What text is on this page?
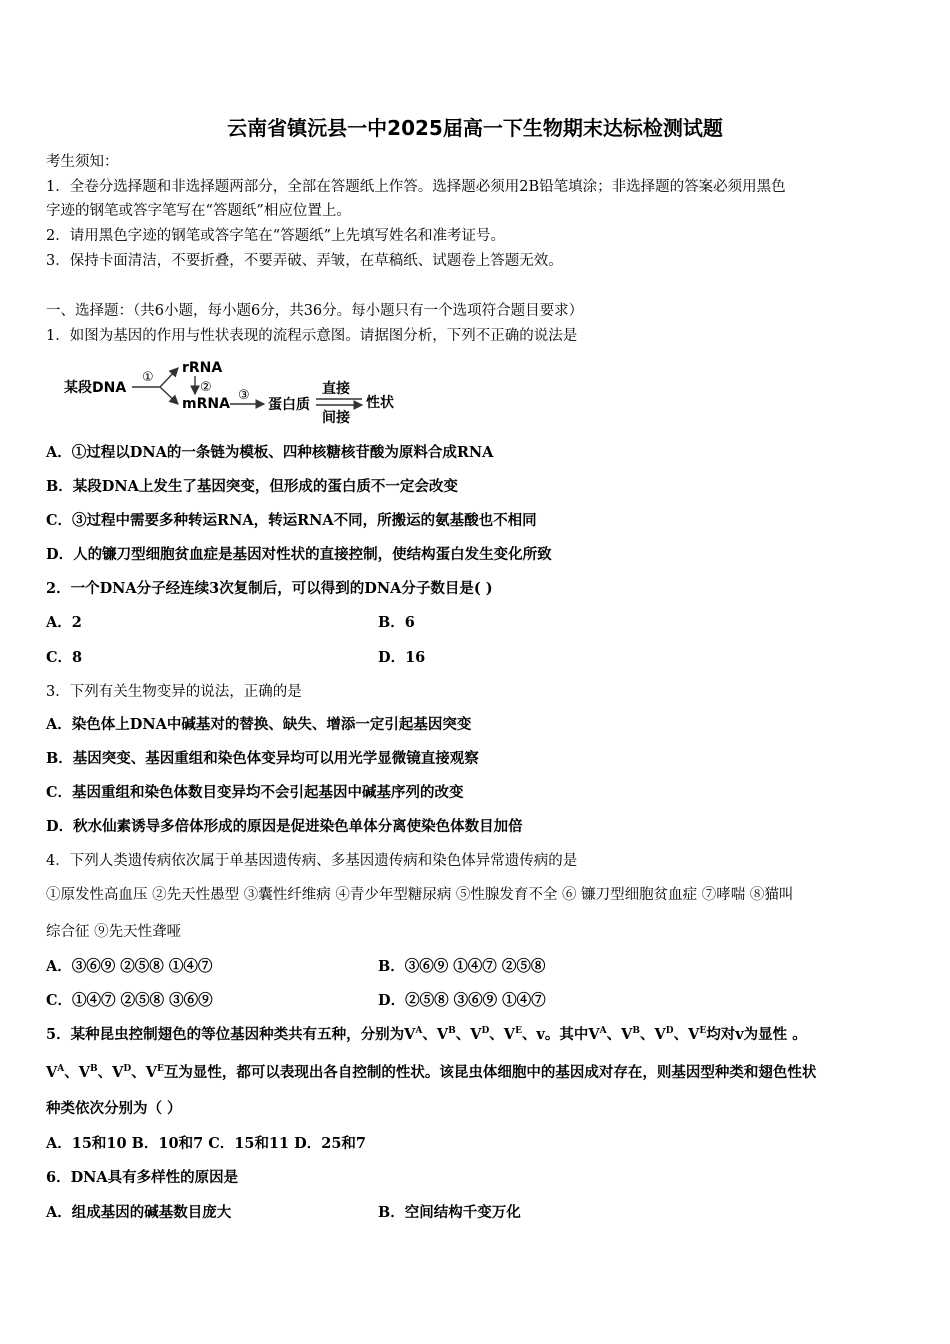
云南省镇沅县一中2025届高一下生物期末达标检测试题
考生须知：
1．全卷分选择题和非选择题两部分，全部在答题纸上作答。选择题必须用2B铅笔填涂；非选择题的答案必须用黑色
字迹的钢笔或答字笔写在“答题纸”相应位置上。
2．请用黑色字迹的钢笔或答字笔在“答题纸”上先填写姓名和准考证号。
3．保持卡面清洁，不要折叠，不要弄破、弄皱，在草稿纸、试题卷上答题无效。
一、选择题：（共6小题，每小题6分，共36分。每小题只有一个选项符合题目要求）
1．如图为基因的作用与性状表现的流程示意图。请据图分析，下列不正确的说法是
某段DNA
①
rRNA
②
mRNA
③
蛋白质
直接
间接
性状
A．①过程以DNA的一条链为模板、四种核糖核苷酸为原料合成RNA
B．某段DNA上发生了基因突变，但形成的蛋白质不一定会改变
C．③过程中需要多种转运RNA，转运RNA不同，所搬运的氨基酸也不相同
D．人的镰刀型细胞贫血症是基因对性状的直接控制，使结构蛋白发生变化所致
2．一个DNA分子经连续3次复制后，可以得到的DNA分子数目是( )
A．2	B．6
C．8	D．16
3．下列有关生物变异的说法，正确的是
A．染色体上DNA中碱基对的替换、缺失、增添一定引起基因突变
B．基因突变、基因重组和染色体变异均可以用光学显微镜直接观察
C．基因重组和染色体数目变异均不会引起基因中碱基序列的改变
D．秋水仙素诱导多倍体形成的原因是促进染色单体分离使染色体数目加倍
4．下列人类遗传病依次属于单基因遗传病、多基因遗传病和染色体异常遗传病的是
①原发性高血压 ②先天性愚型 ③囊性纤维病 ④青少年型糖尿病 ⑤性腺发育不全 ⑥ 镰刀型细胞贫血症 ⑦哮喘 ⑧猫叫
综合征 ⑨先天性聋哑
A．③⑥⑨ ②⑤⑧ ①④⑦	B．③⑥⑨ ①④⑦ ②⑤⑧
C．①④⑦ ②⑤⑧ ③⑥⑨	D．②⑤⑧ ③⑥⑨ ①④⑦
5．某种昆虫控制翅色的等位基因种类共有五种，分别为$V^A$、$V^B$、$V^D$、$V^E$、v。其中$V^A$、$V^B$、$V^D$、$V^E$均对v为显性 。
$V^A$、$V^B$、$V^D$、$V^E$互为显性，都可以表现出各自控制的性状。该昆虫体细胞中的基因成对存在，则基因型种类和翅色性状
种类依次分别为（ ）
A．15和10 B．10和7 C．15和11 D．25和7
6．DNA具有多样性的原因是
A．组成基因的碱基数目庞大	B．空间结构千变万化
